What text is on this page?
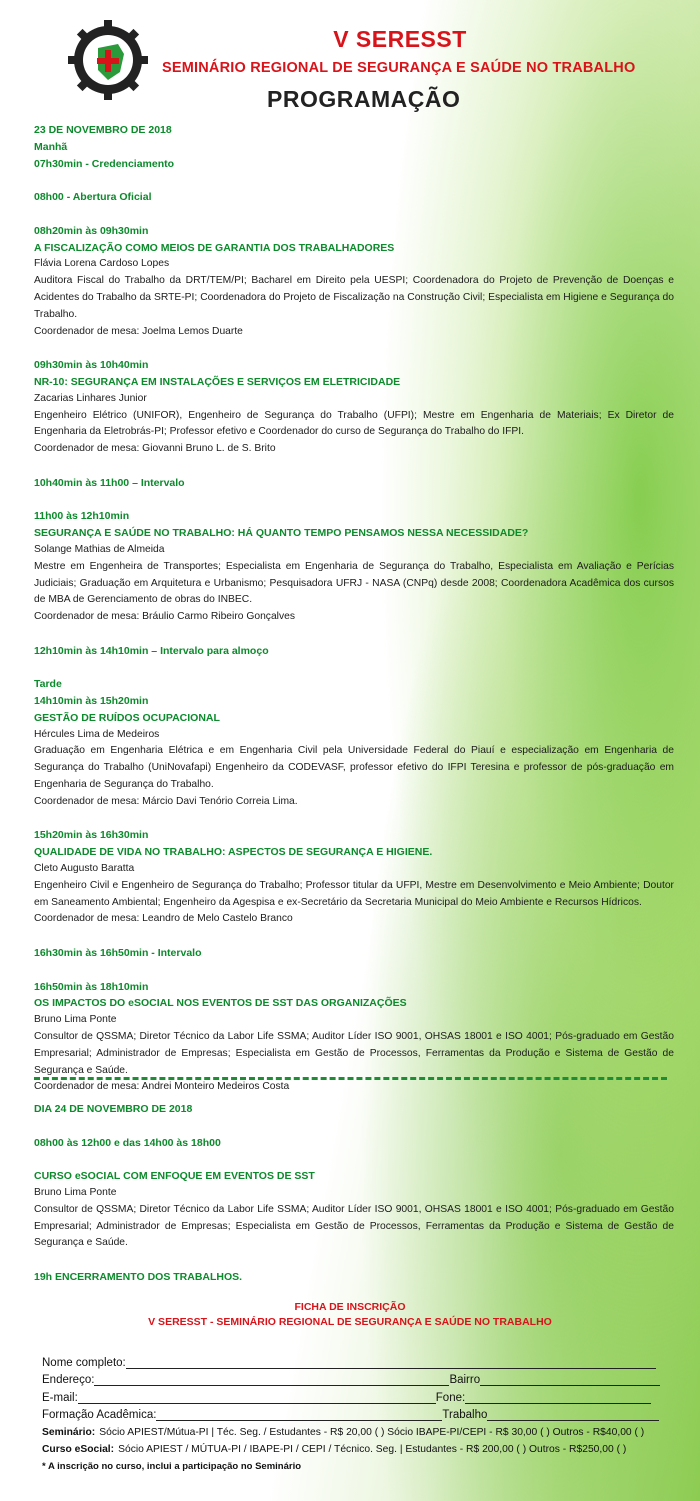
V SERESST
SEMINÁRIO REGIONAL DE SEGURANÇA E SAÚDE NO TRABALHO
PROGRAMAÇÃO
23 DE NOVEMBRO DE 2018
Manhã
07h30min - Credenciamento
08h00 - Abertura Oficial
08h20min às 09h30min
A FISCALIZAÇÃO COMO MEIOS DE GARANTIA DOS TRABALHADORES
Flávia Lorena Cardoso Lopes
Auditora Fiscal do Trabalho da DRT/TEM/PI; Bacharel em Direito pela UESPI; Coordenadora do Projeto de Prevenção de Doenças e Acidentes do Trabalho da SRTE-PI; Coordenadora do Projeto de Fiscalização na Construção Civil; Especialista em Higiene e Segurança do Trabalho.
Coordenador de mesa: Joelma Lemos Duarte
09h30min às 10h40min
NR-10: SEGURANÇA EM INSTALAÇÕES E SERVIÇOS EM ELETRICIDADE
Zacarias Linhares Junior
Engenheiro Elétrico (UNIFOR), Engenheiro de Segurança do Trabalho (UFPI); Mestre em Engenharia de Materiais; Ex Diretor de Engenharia da Eletrobrás-PI; Professor efetivo e Coordenador do curso de Segurança do Trabalho do IFPI.
Coordenador de mesa: Giovanni Bruno L. de S. Brito
10h40min às 11h00 – Intervalo
11h00 às 12h10min
SEGURANÇA E SAÚDE NO TRABALHO: HÁ QUANTO TEMPO PENSAMOS NESSA NECESSIDADE?
Solange Mathias de Almeida
Mestre em Engenheira de Transportes; Especialista em Engenharia de Segurança do Trabalho, Especialista em Avaliação e Perícias Judiciais; Graduação em Arquitetura e Urbanismo; Pesquisadora UFRJ - NASA (CNPq) desde 2008; Coordenadora Acadêmica dos cursos de MBA de Gerenciamento de obras do INBEC.
Coordenador de mesa: Bráulio Carmo Ribeiro Gonçalves
12h10min às 14h10min – Intervalo para almoço
Tarde
14h10min às 15h20min
GESTÃO DE RUÍDOS OCUPACIONAL
Hércules Lima de Medeiros
Graduação em Engenharia Elétrica e em Engenharia Civil pela Universidade Federal do Piauí e especialização em Engenharia de Segurança do Trabalho (UniNovafapi) Engenheiro da CODEVASF, professor efetivo do IFPI Teresina e professor de pós-graduação em Engenharia de Segurança do Trabalho.
Coordenador de mesa: Márcio Davi Tenório Correia Lima.
15h20min às 16h30min
QUALIDADE DE VIDA NO TRABALHO: ASPECTOS DE SEGURANÇA E HIGIENE.
Cleto Augusto Baratta
Engenheiro Civil e Engenheiro de Segurança do Trabalho; Professor titular da UFPI, Mestre em Desenvolvimento e Meio Ambiente; Doutor em Saneamento Ambiental; Engenheiro da Agespisa e ex-Secretário da Secretaria Municipal do Meio Ambiente e Recursos Hídricos.
Coordenador de mesa: Leandro de Melo Castelo Branco
16h30min às 16h50min - Intervalo
16h50min às 18h10min
OS IMPACTOS DO eSOCIAL NOS EVENTOS DE SST DAS ORGANIZAÇÕES
Bruno Lima Ponte
Consultor de QSSMA; Diretor Técnico da Labor Life SSMA; Auditor Líder ISO 9001, OHSAS 18001 e ISO 4001; Pós-graduado em Gestão Empresarial; Administrador de Empresas; Especialista em Gestão de Processos, Ferramentas da Produção e Sistema de Gestão de Segurança e Saúde.
Coordenador de mesa: Andrei Monteiro Medeiros Costa
DIA 24 DE NOVEMBRO DE 2018
08h00 às 12h00 e das 14h00 às 18h00
CURSO eSOCIAL COM ENFOQUE EM EVENTOS DE SST
Bruno Lima Ponte
Consultor de QSSMA; Diretor Técnico da Labor Life SSMA; Auditor Líder ISO 9001, OHSAS 18001 e ISO 4001; Pós-graduado em Gestão Empresarial; Administrador de Empresas; Especialista em Gestão de Processos, Ferramentas da Produção e Sistema de Gestão de Segurança e Saúde.
19h ENCERRAMENTO DOS TRABALHOS.
FICHA DE INSCRIÇÃO
V SERESST - SEMINÁRIO REGIONAL DE SEGURANÇA E SAÚDE NO TRABALHO
Nome completo:
Endereço:	Bairro
E-mail:	Fone:
Formação Acadêmica:	Trabalho
Seminário: Sócio APIEST/Mútua-PI | Téc. Seg. / Estudantes - R$ 20,00 ( ) Sócio IBAPE-PI/CEPI - R$ 30,00 ( ) Outros - R$40,00 ( )
Curso eSocial: Sócio APIEST / MÚTUA-PI / IBAPE-PI / CEPI / Técnico. Seg. | Estudantes - R$ 200,00 ( ) Outros - R$250,00 ( )
* A inscrição no curso, inclui a participação no Seminário
